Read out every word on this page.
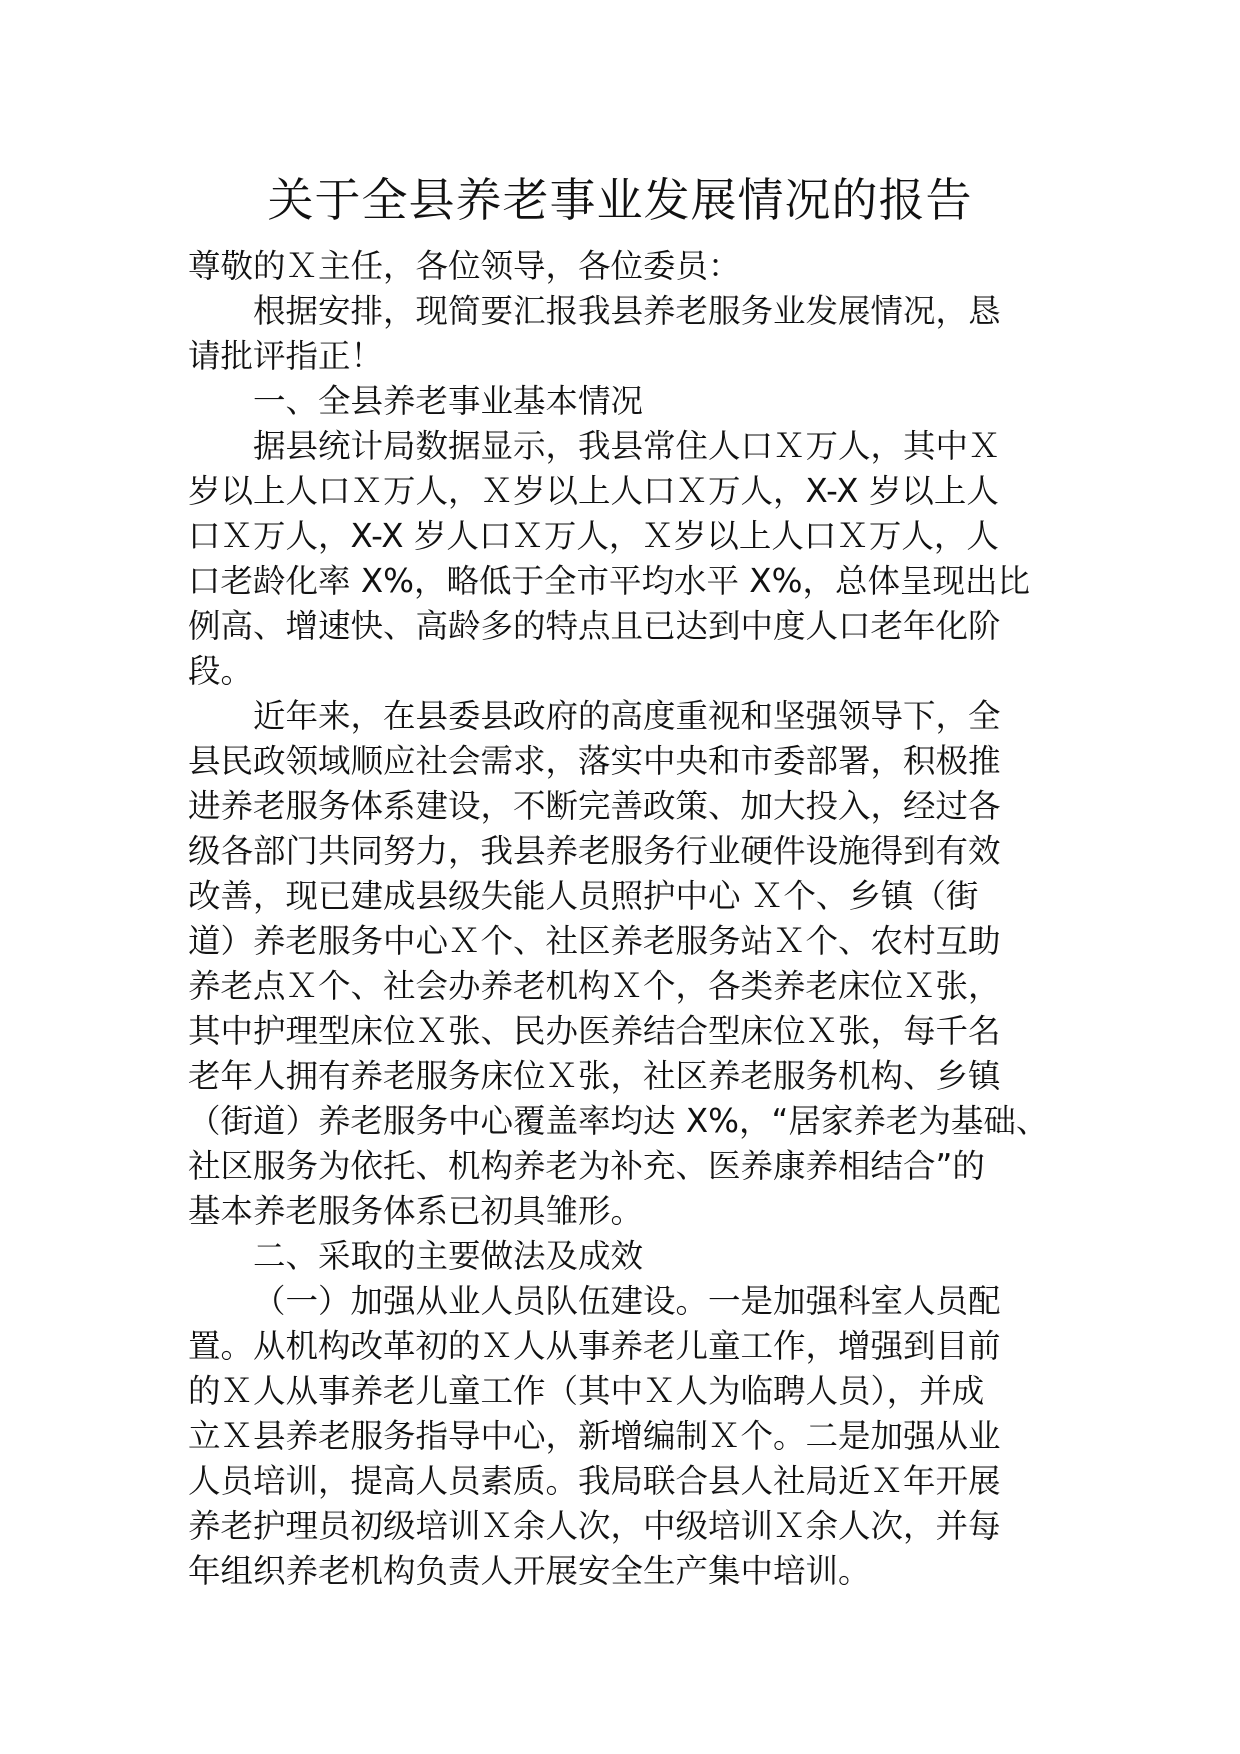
关于全县养老事业发展情况的报告

尊敬的Ｘ主任，各位领导，各位委员：

根据安排，现简要汇报我县养老服务业发展情况，恳

请批评指正！

一、全县养老事业基本情况

据县统计局数据显示，我县常住人口Ｘ万人，其中Ｘ

岁以上人口Ｘ万人，Ｘ岁以上人口Ｘ万人，X-X 岁以上人

口Ｘ万人，X-X 岁人口Ｘ万人，Ｘ岁以上人口Ｘ万人，人

口老龄化率 X%，略低于全市平均水平 X%，总体呈现出比

例高、增速快、高龄多的特点且已达到中度人口老年化阶

段。

近年来，在县委县政府的高度重视和坚强领导下，全

县民政领域顺应社会需求，落实中央和市委部署，积极推

进养老服务体系建设，不断完善政策、加大投入，经过各

级各部门共同努力，我县养老服务行业硬件设施得到有效

改善，现已建成县级失能人员照护中心 Ｘ个、乡镇（街

道）养老服务中心Ｘ个、社区养老服务站Ｘ个、农村互助

养老点Ｘ个、社会办养老机构Ｘ个，各类养老床位Ｘ张，

其中护理型床位Ｘ张、民办医养结合型床位Ｘ张，每千名

老年人拥有养老服务床位Ｘ张，社区养老服务机构、乡镇

（街道）养老服务中心覆盖率均达 X%，“居家养老为基础、

社区服务为依托、机构养老为补充、医养康养相结合”的

基本养老服务体系已初具雏形。

二、采取的主要做法及成效

（一）加强从业人员队伍建设。一是加强科室人员配

置。从机构改革初的Ｘ人从事养老儿童工作，增强到目前

的Ｘ人从事养老儿童工作（其中Ｘ人为临聘人员），并成

立Ｘ县养老服务指导中心，新增编制Ｘ个。二是加强从业

人员培训，提高人员素质。我局联合县人社局近Ｘ年开展

养老护理员初级培训Ｘ余人次，中级培训Ｘ余人次，并每

年组织养老机构负责人开展安全生产集中培训。
